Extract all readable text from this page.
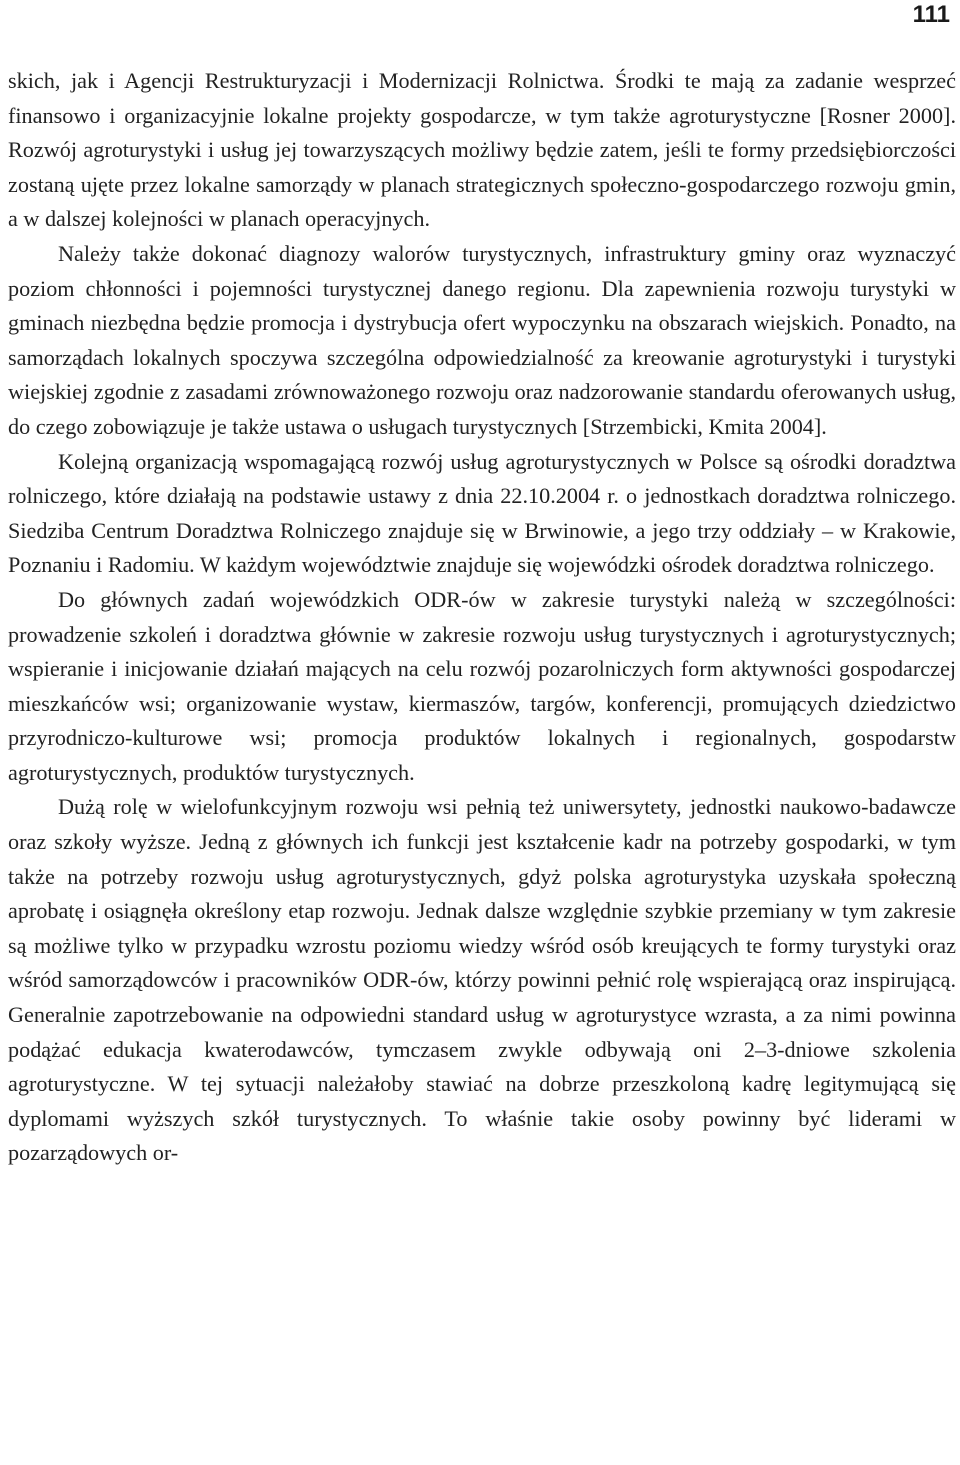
111

skich, jak i Agencji Restrukturyzacji i Modernizacji Rolnictwa. Środki te mają za zadanie wesprzeć finansowo i organizacyjnie lokalne projekty gospodarcze, w tym także agroturystyczne [Rosner 2000]. Rozwój agroturystyki i usług jej towarzyszących możliwy będzie zatem, jeśli te formy przedsiębiorczości zostaną ujęte przez lokalne samorządy w planach strategicznych społeczno-gospodarczego rozwoju gmin, a w dalszej kolejności w planach operacyjnych.

Należy także dokonać diagnozy walorów turystycznych, infrastruktury gminy oraz wyznaczyć poziom chłonności i pojemności turystycznej danego regionu. Dla zapewnienia rozwoju turystyki w gminach niezbędna będzie promocja i dystrybucja ofert wypoczynku na obszarach wiejskich. Ponadto, na samorządach lokalnych spoczywa szczególna odpowiedzialność za kreowanie agroturystyki i turystyki wiejskiej zgodnie z zasadami zrównoważonego rozwoju oraz nadzorowanie standardu oferowanych usług, do czego zobowiązuje je także ustawa o usługach turystycznych [Strzembicki, Kmita 2004].

Kolejną organizacją wspomagającą rozwój usług agroturystycznych w Polsce są ośrodki doradztwa rolniczego, które działają na podstawie ustawy z dnia 22.10.2004 r. o jednostkach doradztwa rolniczego. Siedziba Centrum Doradztwa Rolniczego znajduje się w Brwinowie, a jego trzy oddziały – w Krakowie, Poznaniu i Radomiu. W każdym województwie znajduje się wojewódzki ośrodek doradztwa rolniczego.

Do głównych zadań wojewódzkich ODR-ów w zakresie turystyki należą w szczególności: prowadzenie szkoleń i doradztwa głównie w zakresie rozwoju usług turystycznych i agroturystycznych; wspieranie i inicjowanie działań mających na celu rozwój pozarolniczych form aktywności gospodarczej mieszkańców wsi; organizowanie wystaw, kiermaszów, targów, konferencji, promujących dziedzictwo przyrodniczo-kulturowe wsi; promocja produktów lokalnych i regionalnych, gospodarstw agroturystycznych, produktów turystycznych.

Dużą rolę w wielofunkcyjnym rozwoju wsi pełnią też uniwersytety, jednostki naukowo-badawcze oraz szkoły wyższe. Jedną z głównych ich funkcji jest kształcenie kadr na potrzeby gospodarki, w tym także na potrzeby rozwoju usług agroturystycznych, gdyż polska agroturystyka uzyskała społeczną aprobatę i osiągnęła określony etap rozwoju. Jednak dalsze względnie szybkie przemiany w tym zakresie są możliwe tylko w przypadku wzrostu poziomu wiedzy wśród osób kreujących te formy turystyki oraz wśród samorządowców i pracowników ODR-ów, którzy powinni pełnić rolę wspierającą oraz inspirującą. Generalnie zapotrzebowanie na odpowiedni standard usług w agroturystyce wzrasta, a za nimi powinna podążać edukacja kwaterodawców, tymczasem zwykle odbywają oni 2–3-dniowe szkolenia agroturystyczne. W tej sytuacji należałoby stawiać na dobrze przeszkoloną kadrę legitymującą się dyplomami wyższych szkół turystycznych. To właśnie takie osoby powinny być liderami w pozarządowych or-
